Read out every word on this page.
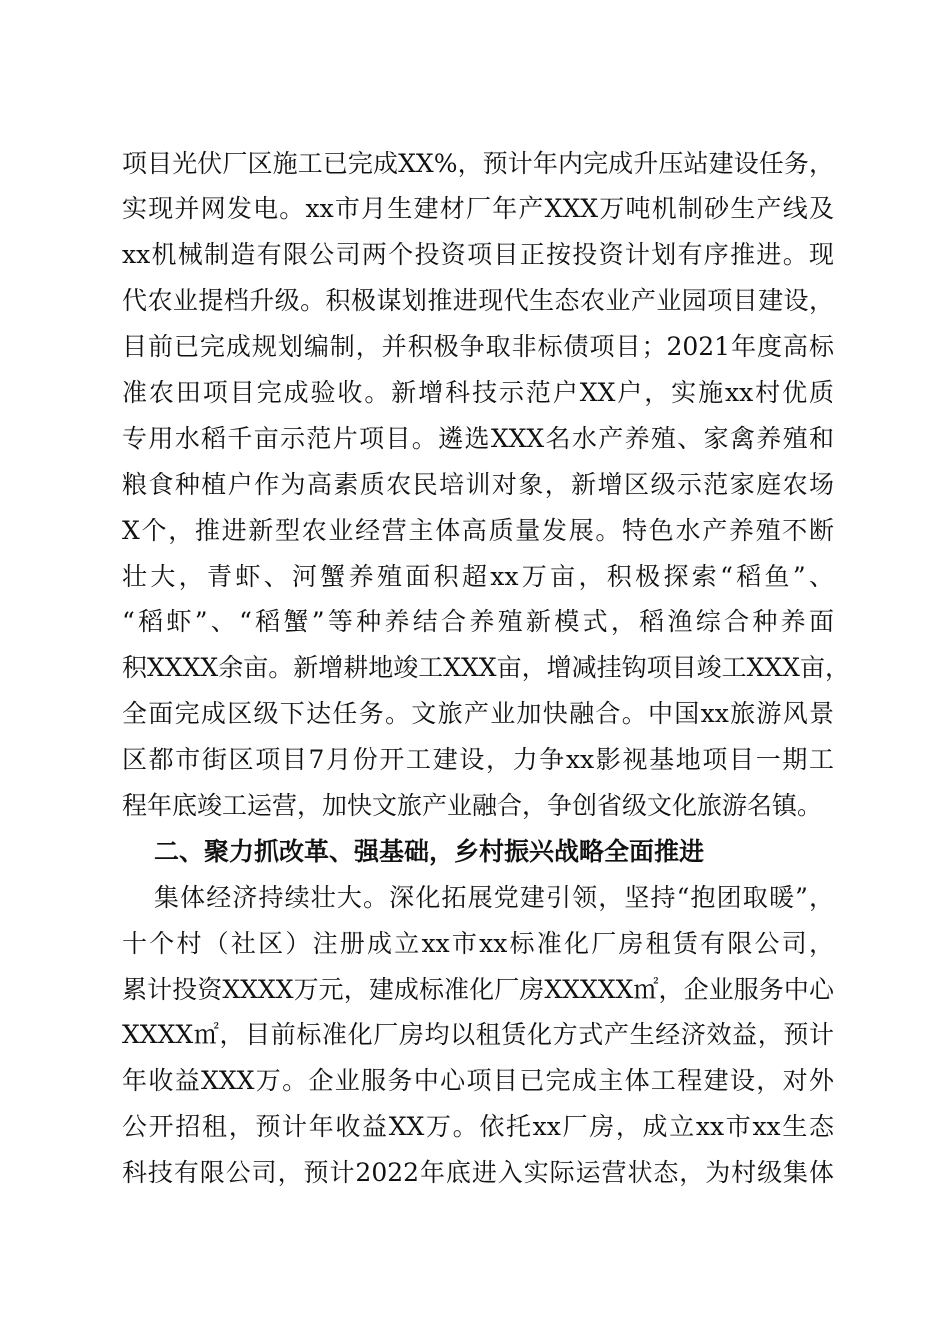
项目光伏厂区施工已完成XX%，预计年内完成升压站建设任务，
实现并网发电。xx市月生建材厂年产XXX万吨机制砂生产线及
xx机械制造有限公司两个投资项目正按投资计划有序推进。现
代农业提档升级。积极谋划推进现代生态农业产业园项目建设，
目前已完成规划编制，并积极争取非标债项目；2021年度高标
准农田项目完成验收。新增科技示范户XX户，实施xx村优质
专用水稻千亩示范片项目。遴选XXX名水产养殖、家禽养殖和
粮食种植户作为高素质农民培训对象，新增区级示范家庭农场
X个，推进新型农业经营主体高质量发展。特色水产养殖不断
壮大，青虾、河蟹养殖面积超xx万亩，积极探索“稻鱼”、
“稻虾”、“稻蟹”等种养结合养殖新模式，稻渔综合种养面
积XXXX余亩。新增耕地竣工XXX亩，增减挂钩项目竣工XXX亩，
全面完成区级下达任务。文旅产业加快融合。中国xx旅游风景
区都市街区项目7月份开工建设，力争xx影视基地项目一期工
程年底竣工运营，加快文旅产业融合，争创省级文化旅游名镇。
二、聚力抓改革、强基础，乡村振兴战略全面推进
集体经济持续壮大。深化拓展党建引领，坚持“抱团取暖”，
十个村（社区）注册成立xx市xx标准化厂房租赁有限公司，
累计投资XXXX万元，建成标准化厂房XXXXX㎡，企业服务中心
XXXX㎡，目前标准化厂房均以租赁化方式产生经济效益，预计
年收益XXX万。企业服务中心项目已完成主体工程建设，对外
公开招租，预计年收益XX万。依托xx厂房，成立xx市xx生态
科技有限公司，预计2022年底进入实际运营状态，为村级集体
